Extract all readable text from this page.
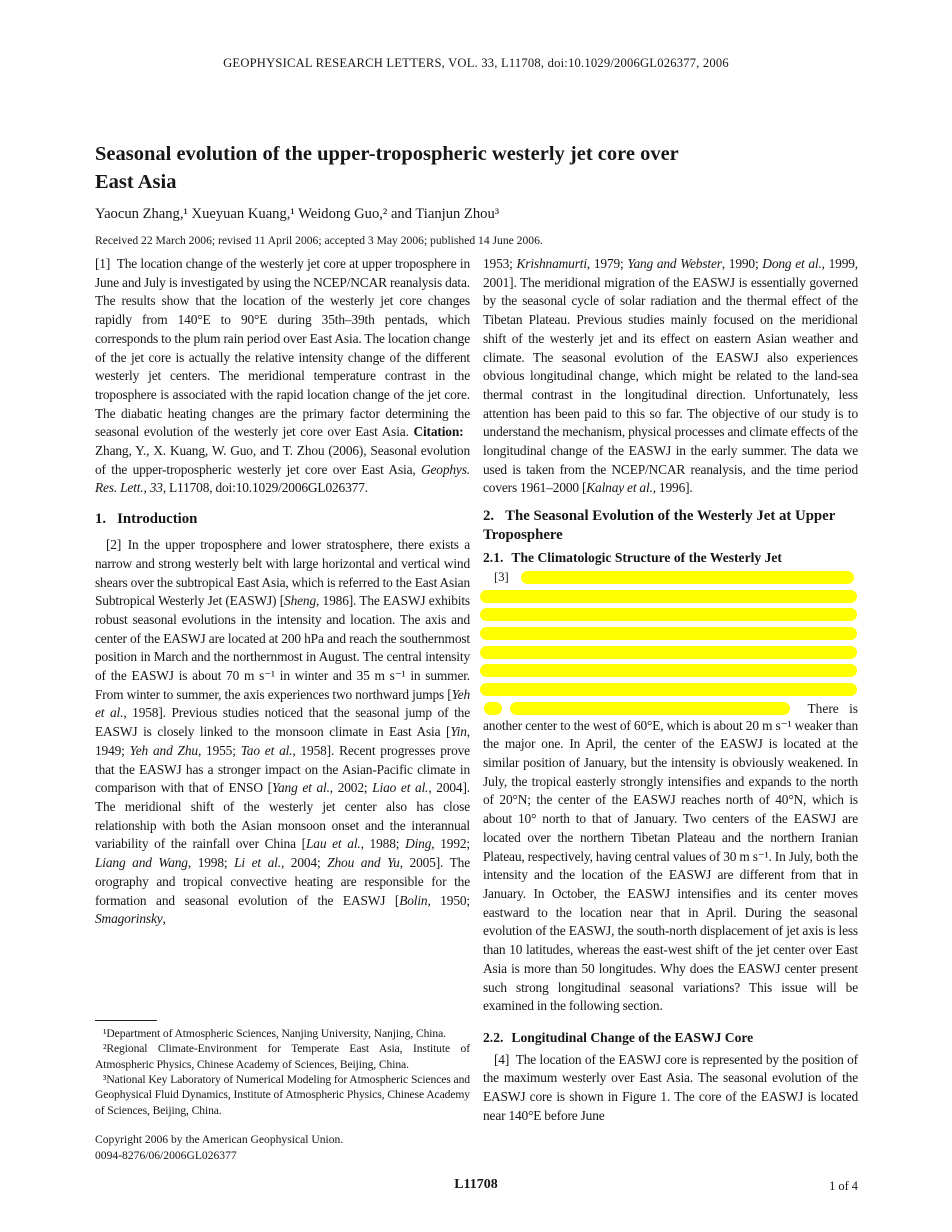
GEOPHYSICAL RESEARCH LETTERS, VOL. 33, L11708, doi:10.1029/2006GL026377, 2006
Seasonal evolution of the upper-tropospheric westerly jet core over
East Asia
Yaocun Zhang,¹ Xueyuan Kuang,¹ Weidong Guo,² and Tianjun Zhou³
Received 22 March 2006; revised 11 April 2006; accepted 3 May 2006; published 14 June 2006.

[1] The location change of the westerly jet core at upper troposphere in June and July is investigated by using the NCEP/NCAR reanalysis data. The results show that the location of the westerly jet core changes rapidly from 140°E to 90°E during 35th–39th pentads, which corresponds to the plum rain period over East Asia. The location change of the jet core is actually the relative intensity change of the different westerly jet centers. The meridional temperature contrast in the troposphere is associated with the rapid location change of the jet core. The diabatic heating changes are the primary factor determining the seasonal evolution of the westerly jet core over East Asia. Citation: Zhang, Y., X. Kuang, W. Guo, and T. Zhou (2006), Seasonal evolution of the upper-tropospheric westerly jet core over East Asia, Geophys. Res. Lett., 33, L11708, doi:10.1029/2006GL026377.

1. Introduction

[2] In the upper troposphere and lower stratosphere, there exists a narrow and strong westerly belt with large horizontal and vertical wind shears over the subtropical East Asia, which is referred to the East Asian Subtropical Westerly Jet (EASWJ) [Sheng, 1986]. The EASWJ exhibits robust seasonal evolutions in the intensity and location. The axis and center of the EASWJ are located at 200 hPa and reach the southernmost position in March and the northernmost in August. The central intensity of the EASWJ is about 70 m s⁻¹ in winter and 35 m s⁻¹ in summer. From winter to summer, the axis experiences two northward jumps [Yeh et al., 1958]. Previous studies noticed that the seasonal jump of the EASWJ is closely linked to the monsoon climate in East Asia [Yin, 1949; Yeh and Zhu, 1955; Tao et al., 1958]. Recent progresses prove that the EASWJ has a stronger impact on the Asian-Pacific climate in comparison with that of ENSO [Yang et al., 2002; Liao et al., 2004]. The meridional shift of the westerly jet center also has close relationship with both the Asian monsoon onset and the interannual variability of the rainfall over China [Lau et al., 1988; Ding, 1992; Liang and Wang, 1998; Li et al., 2004; Zhou and Yu, 2005]. The orography and tropical convective heating are responsible for the formation and seasonal evolution of the EASWJ [Bolin, 1950; Smagorinsky,

¹Department of Atmospheric Sciences, Nanjing University, Nanjing, China.

²Regional Climate-Environment for Temperate East Asia, Institute of Atmospheric Physics, Chinese Academy of Sciences, Beijing, China.

³National Key Laboratory of Numerical Modeling for Atmospheric Sciences and Geophysical Fluid Dynamics, Institute of Atmospheric Physics, Chinese Academy of Sciences, Beijing, China.

Copyright 2006 by the American Geophysical Union.
0094-8276/06/2006GL026377

1953; Krishnamurti, 1979; Yang and Webster, 1990; Dong et al., 1999, 2001]. The meridional migration of the EASWJ is essentially governed by the seasonal cycle of solar radiation and the thermal effect of the Tibetan Plateau. Previous studies mainly focused on the meridional shift of the westerly jet and its effect on eastern Asian weather and climate. The seasonal evolution of the EASWJ also experiences obvious longitudinal change, which might be related to the land-sea thermal contrast in the longitudinal direction. Unfortunately, less attention has been paid to this so far. The objective of our study is to understand the mechanism, physical processes and climate effects of the longitudinal change of the EASWJ in the early summer. The data we used is taken from the NCEP/NCAR reanalysis, and the time period covers 1961–2000 [Kalnay et al., 1996].

2. The Seasonal Evolution of the Westerly Jet at Upper Troposphere
2.1. The Climatologic Structure of the Westerly Jet
[3]
There is

another center to the west of 60°E, which is about 20 m s⁻¹ weaker than the major one. In April, the center of the EASWJ is located at the similar position of January, but the intensity is obviously weakened. In July, the tropical easterly strongly intensifies and expands to the north of 20°N; the center of the EASWJ reaches north of 40°N, which is about 10° north to that of January. Two centers of the EASWJ are located over the northern Tibetan Plateau and the northern Iranian Plateau, respectively, having central values of 30 m s⁻¹. In July, both the intensity and the location of the EASWJ are different from that in January. In October, the EASWJ intensifies and its center moves eastward to the location near that in April. During the seasonal evolution of the EASWJ, the south-north displacement of jet axis is less than 10 latitudes, whereas the east-west shift of the jet center over East Asia is more than 50 longitudes. Why does the EASWJ center present such strong longitudinal seasonal variations? This issue will be examined in the following section.

2.2. Longitudinal Change of the EASWJ Core

[4] The location of the EASWJ core is represented by the position of the maximum westerly over East Asia. The seasonal evolution of the EASWJ core is shown in Figure 1. The core of the EASWJ is located near 140°E before June

L11708	1 of 4
